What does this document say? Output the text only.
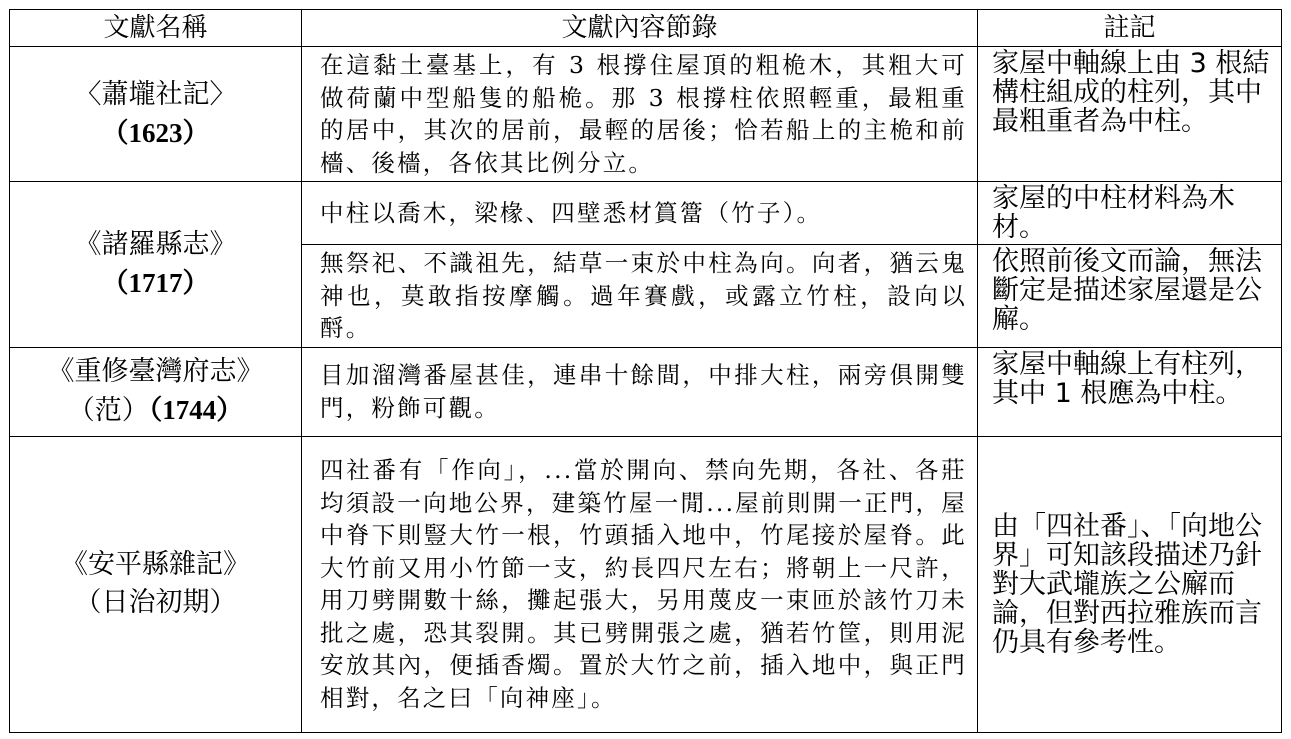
文獻名稱	文獻內容節錄	註記

〈蕭壠社記〉
（1623）	在這黏土臺基上，有 3 根撐住屋頂的粗桅木，其粗大可做荷蘭中型船隻的船桅。那 3 根撐柱依照輕重，最粗重的居中，其次的居前，最輕的居後；恰若船上的主桅和前檣、後檣，各依其比例分立。	家屋中軸線上由 3 根結構柱組成的柱列，其中最粗重者為中柱。

《諸羅縣志》
（1717）	中柱以喬木，梁椽、四壁悉材篔簹（竹子）。	家屋的中柱材料為木材。
	無祭祀、不識祖先，結草一束於中柱為向。向者，猶云鬼神也，莫敢指按摩觸。過年賽戲，或露立竹柱，設向以酹。	依照前後文而論，無法斷定是描述家屋還是公廨。

《重修臺灣府志》
（范）（1744）	目加溜灣番屋甚佳，連串十餘間，中排大柱，兩旁俱開雙門，粉飾可觀。	家屋中軸線上有柱列，其中 1 根應為中柱。

《安平縣雜記》
（日治初期）	四社番有「作向」，...當於開向、禁向先期，各社、各莊均須設一向地公界，建築竹屋一閒...屋前則開一正門，屋中脊下則豎大竹一根，竹頭插入地中，竹尾接於屋脊。此大竹前又用小竹節一支，約長四尺左右；將朝上一尺許，用刀劈開數十絲，攤起張大，另用蔑皮一束匝於該竹刀未批之處，恐其裂開。其已劈開張之處，猶若竹筐，則用泥安放其內，便插香燭。置於大竹之前，插入地中，與正門相對，名之曰「向神座」。	由「四社番」、「向地公界」可知該段描述乃針對大武壠族之公廨而論，但對西拉雅族而言仍具有參考性。
